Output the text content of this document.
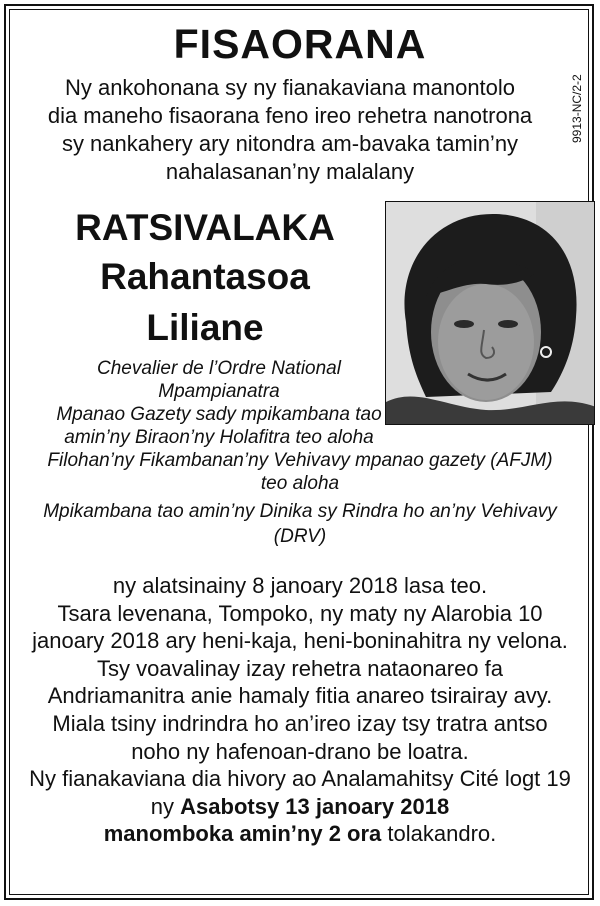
FISAORANA
Ny ankohonana sy ny fianakaviana manontolo
dia maneho fisaorana feno ireo rehetra nanotrona
sy nankahery ary nitondra am-bavaka tamin’ny
nahalasanan’ny malalany
9913-NC/2-2
RATSIVALAKA
Rahantasoa
Liliane
Chevalier de l’Ordre National
Mpampianatra
Mpanao Gazety sady mpikambana tao
amin’ny Biraon’ny Holafitra teo aloha
Filohan’ny Fikambanan’ny Vehivavy mpanao gazety (AFJM)
teo aloha
Mpikambana tao amin’ny Dinika sy Rindra ho an’ny Vehivavy
(DRV)
ny alatsinainy 8 janoary 2018 lasa teo.
Tsara levenana, Tompoko, ny maty ny Alarobia 10
janoary 2018 ary heni-kaja, heni-boninahitra ny velona.
Tsy voavalinay izay rehetra nataonareo fa
Andriamanitra anie hamaly fitia anareo tsirairay avy.
Miala tsiny indrindra ho an’ireo izay tsy tratra antso
noho ny hafenoan-drano be loatra.
Ny fianakaviana dia hivory ao Analamahitsy Cité logt 19
ny Asabotsy 13 janoary 2018
manomboka amin’ny 2 ora tolakandro.
